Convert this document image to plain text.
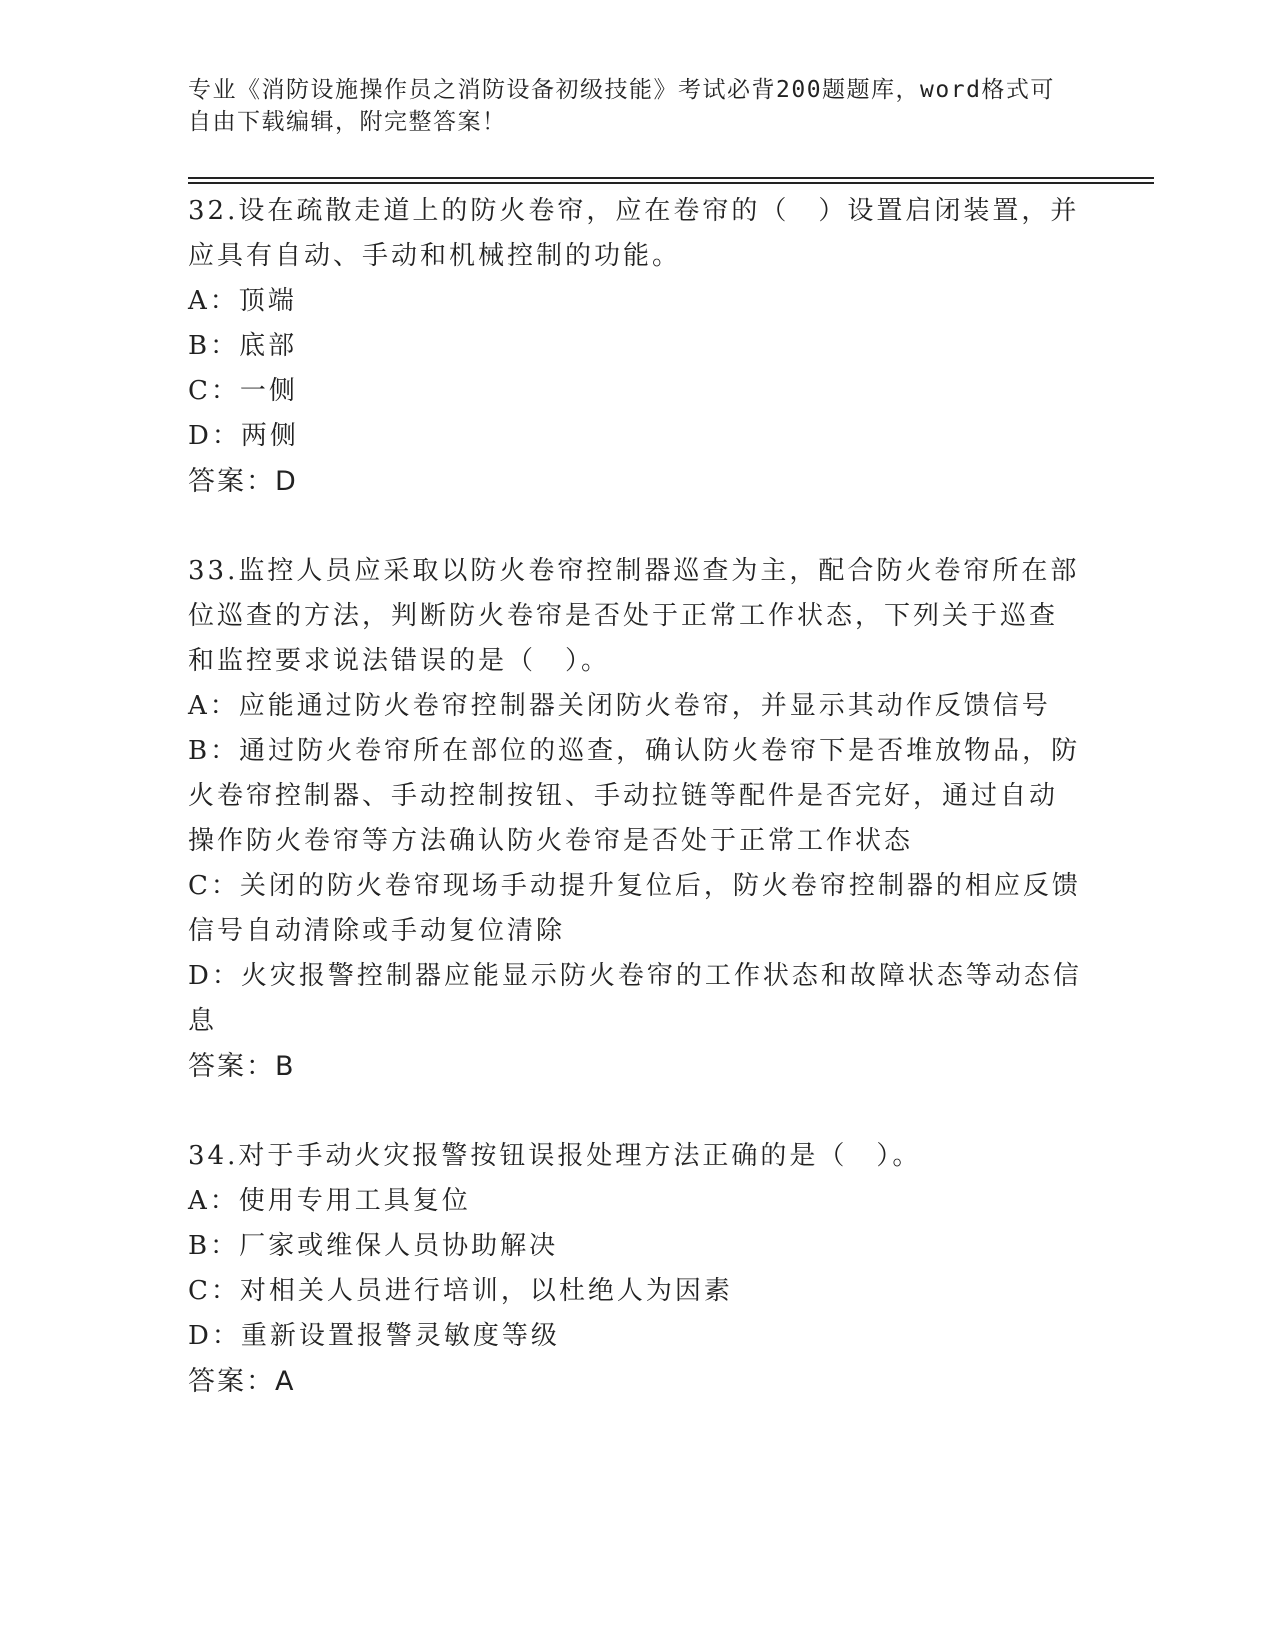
专业《消防设施操作员之消防设备初级技能》考试必背200题题库，word格式可
自由下载编辑，附完整答案！
32.设在疏散走道上的防火卷帘，应在卷帘的（　）设置启闭装置，并
应具有自动、手动和机械控制的功能。
A：顶端
B：底部
C：一侧
D：两侧
答案：D
33.监控人员应采取以防火卷帘控制器巡查为主，配合防火卷帘所在部
位巡查的方法，判断防火卷帘是否处于正常工作状态，下列关于巡查
和监控要求说法错误的是（　）。
A：应能通过防火卷帘控制器关闭防火卷帘，并显示其动作反馈信号
B：通过防火卷帘所在部位的巡查，确认防火卷帘下是否堆放物品，防
火卷帘控制器、手动控制按钮、手动拉链等配件是否完好，通过自动
操作防火卷帘等方法确认防火卷帘是否处于正常工作状态
C：关闭的防火卷帘现场手动提升复位后，防火卷帘控制器的相应反馈
信号自动清除或手动复位清除
D：火灾报警控制器应能显示防火卷帘的工作状态和故障状态等动态信
息
答案：B
34.对于手动火灾报警按钮误报处理方法正确的是（　）。
A：使用专用工具复位
B：厂家或维保人员协助解决
C：对相关人员进行培训，以杜绝人为因素
D：重新设置报警灵敏度等级
答案：A
